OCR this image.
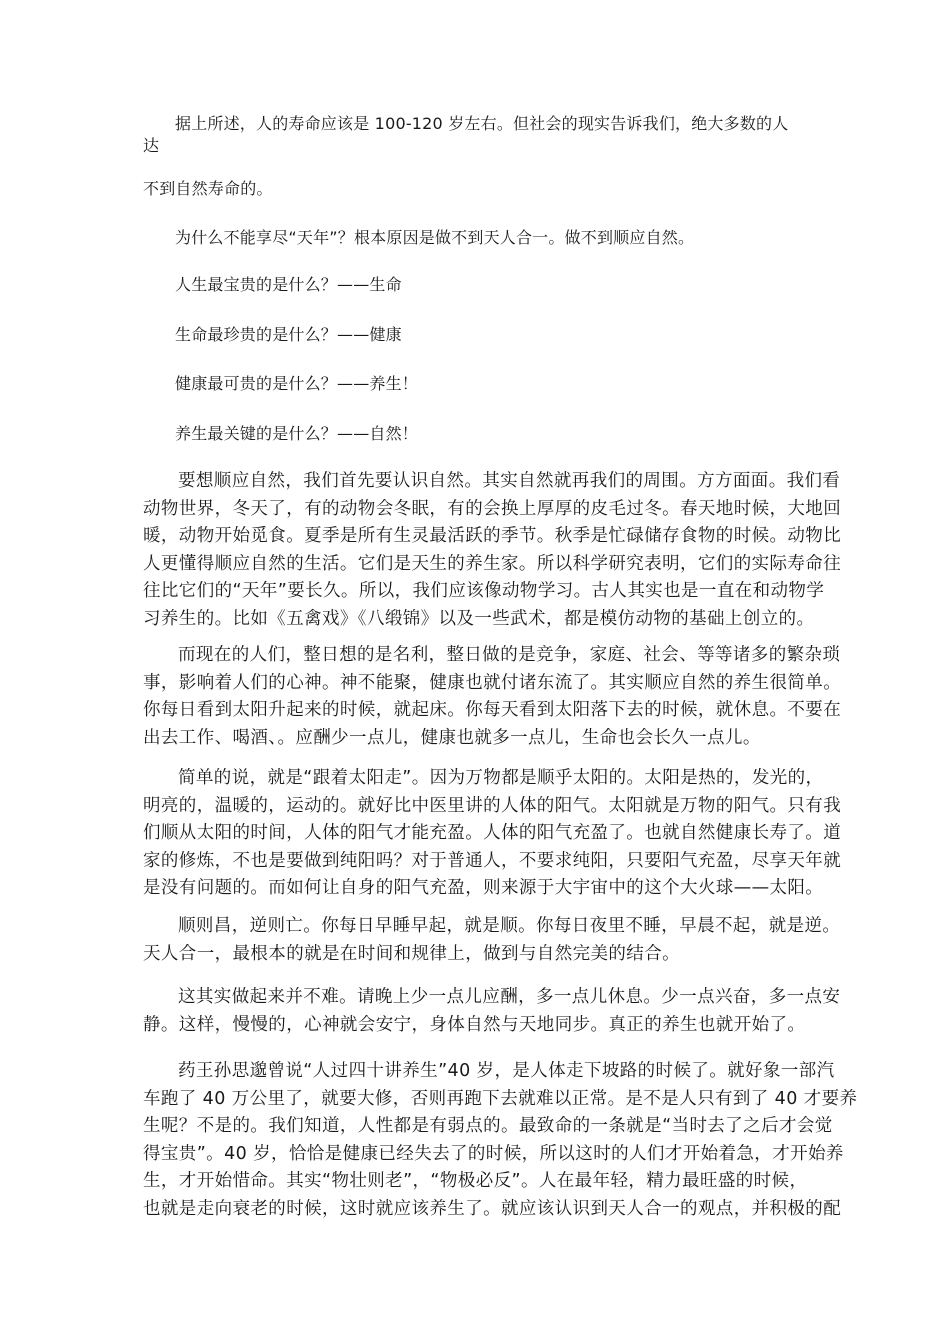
据上所述，人的寿命应该是 100-120 岁左右。但社会的现实告诉我们，绝大多数的人

达

不到自然寿命的。

为什么不能享尽“天年”？根本原因是做不到天人合一。做不到顺应自然。

人生最宝贵的是什么？——生命

生命最珍贵的是什么？——健康

健康最可贵的是什么？——养生！

养生最关键的是什么？——自然！

要想顺应自然，我们首先要认识自然。其实自然就再我们的周围。方方面面。我们看
动物世界，冬天了，有的动物会冬眠，有的会换上厚厚的皮毛过冬。春天地时候，大地回
暖，动物开始觅食。夏季是所有生灵最活跃的季节。秋季是忙碌储存食物的时候。动物比
人更懂得顺应自然的生活。它们是天生的养生家。所以科学研究表明，它们的实际寿命往
往比它们的“天年”要长久。所以，我们应该像动物学习。古人其实也是一直在和动物学
习养生的。比如《五禽戏》《八缎锦》以及一些武术，都是模仿动物的基础上创立的。
而现在的人们，整日想的是名利，整日做的是竞争，家庭、社会、等等诸多的繁杂琐
事，影响着人们的心神。神不能聚，健康也就付诸东流了。其实顺应自然的养生很简单。
你每日看到太阳升起来的时候，就起床。你每天看到太阳落下去的时候，就休息。不要在
出去工作、喝酒、。应酬少一点儿，健康也就多一点儿，生命也会长久一点儿。
简单的说，就是“跟着太阳走”。因为万物都是顺乎太阳的。太阳是热的，发光的，
明亮的，温暖的，运动的。就好比中医里讲的人体的阳气。太阳就是万物的阳气。只有我
们顺从太阳的时间，人体的阳气才能充盈。人体的阳气充盈了。也就自然健康长寿了。道
家的修炼，不也是要做到纯阳吗？对于普通人，不要求纯阳，只要阳气充盈，尽享天年就
是没有问题的。而如何让自身的阳气充盈，则来源于大宇宙中的这个大火球——太阳。
顺则昌，逆则亡。你每日早睡早起，就是顺。你每日夜里不睡，早晨不起，就是逆。
天人合一，最根本的就是在时间和规律上，做到与自然完美的结合。
这其实做起来并不难。请晚上少一点儿应酬，多一点儿休息。少一点兴奋，多一点安
静。这样，慢慢的，心神就会安宁，身体自然与天地同步。真正的养生也就开始了。
药王孙思邈曾说“人过四十讲养生”40 岁，是人体走下坡路的时候了。就好象一部汽
车跑了 40 万公里了，就要大修，否则再跑下去就难以正常。是不是人只有到了 40 才要养
生呢？不是的。我们知道，人性都是有弱点的。最致命的一条就是“当时去了之后才会觉
得宝贵”。40 岁，恰恰是健康已经失去了的时候，所以这时的人们才开始着急，才开始养
生，才开始惜命。其实“物壮则老”，“物极必反”。人在最年轻，精力最旺盛的时候，
也就是走向衰老的时候，这时就应该养生了。就应该认识到天人合一的观点，并积极的配
